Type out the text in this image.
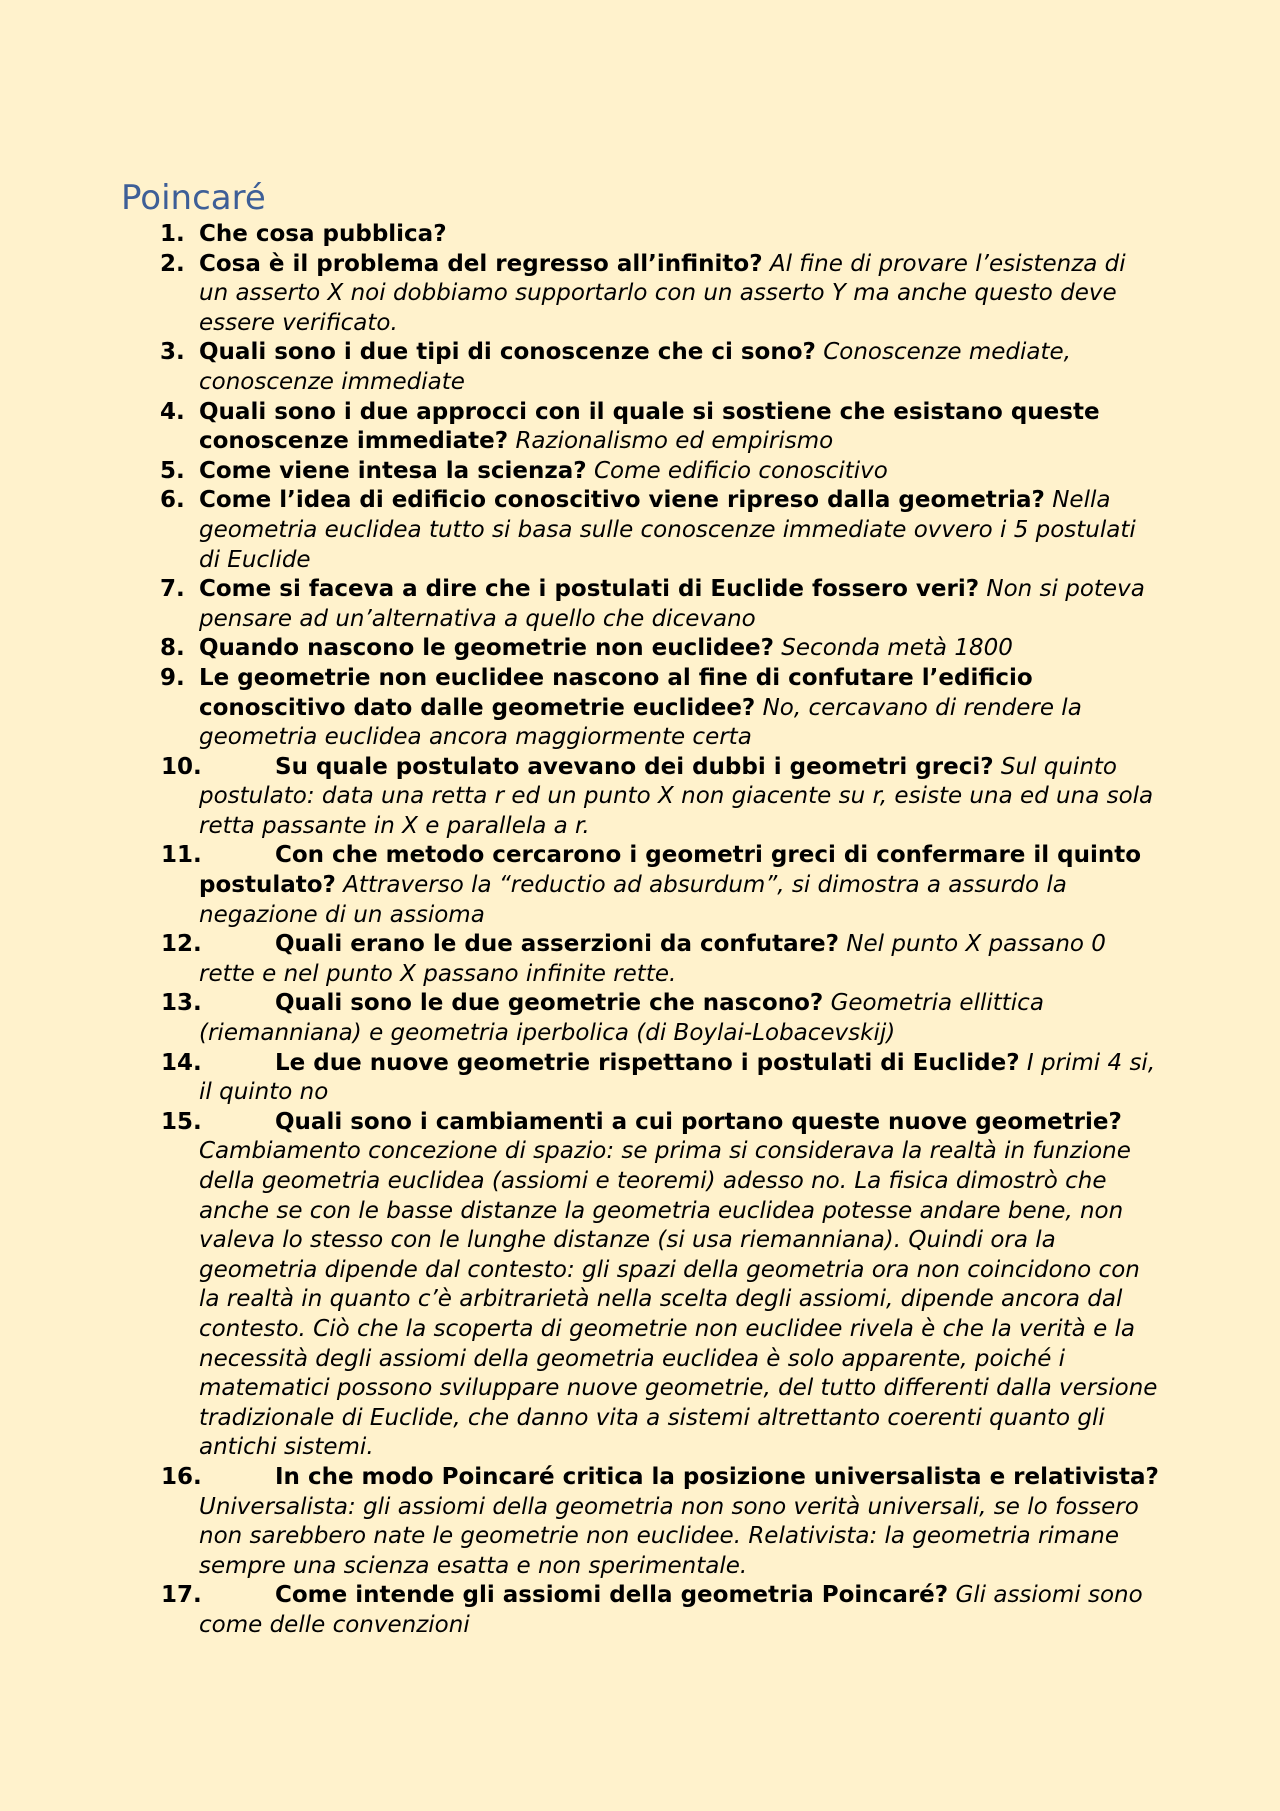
Poincaré
1. Che cosa pubblica?
2. Cosa è il problema del regresso all’infinito? Al fine di provare l’esistenza di un asserto X noi dobbiamo supportarlo con un asserto Y ma anche questo deve essere verificato.
3. Quali sono i due tipi di conoscenze che ci sono? Conoscenze mediate, conoscenze immediate
4. Quali sono i due approcci con il quale si sostiene che esistano queste conoscenze immediate? Razionalismo ed empirismo
5. Come viene intesa la scienza? Come edificio conoscitivo
6. Come l’idea di edificio conoscitivo viene ripreso dalla geometria? Nella geometria euclidea tutto si basa sulle conoscenze immediate ovvero i 5 postulati di Euclide
7. Come si faceva a dire che i postulati di Euclide fossero veri? Non si poteva pensare ad un’alternativa a quello che dicevano
8. Quando nascono le geometrie non euclidee? Seconda metà 1800
9. Le geometrie non euclidee nascono al fine di confutare l’edificio conoscitivo dato dalle geometrie euclidee? No, cercavano di rendere la geometria euclidea ancora maggiormente certa
10.	Su quale postulato avevano dei dubbi i geometri greci? Sul quinto postulato: data una retta r ed un punto X non giacente su r, esiste una ed una sola retta passante in X e parallela a r.
11.	Con che metodo cercarono i geometri greci di confermare il quinto postulato? Attraverso la “reductio ad absurdum”, si dimostra a assurdo la negazione di un assioma
12.	Quali erano le due asserzioni da confutare? Nel punto X passano 0 rette e nel punto X passano infinite rette.
13.	Quali sono le due geometrie che nascono? Geometria ellittica (riemanniana) e geometria iperbolica (di Boylai-Lobacevskij)
14.	Le due nuove geometrie rispettano i postulati di Euclide? I primi 4 si, il quinto no
15.	Quali sono i cambiamenti a cui portano queste nuove geometrie? Cambiamento concezione di spazio: se prima si considerava la realtà in funzione della geometria euclidea (assiomi e teoremi) adesso no. La fisica dimostrò che anche se con le basse distanze la geometria euclidea potesse andare bene, non valeva lo stesso con le lunghe distanze (si usa riemanniana). Quindi ora la geometria dipende dal contesto: gli spazi della geometria ora non coincidono con la realtà in quanto c’è arbitrarietà nella scelta degli assiomi, dipende ancora dal contesto. Ciò che la scoperta di geometrie non euclidee rivela è che la verità e la necessità degli assiomi della geometria euclidea è solo apparente, poiché i matematici possono sviluppare nuove geometrie, del tutto differenti dalla versione tradizionale di Euclide, che danno vita a sistemi altrettanto coerenti quanto gli antichi sistemi.
16.	In che modo Poincaré critica la posizione universalista e relativista? Universalista: gli assiomi della geometria non sono verità universali, se lo fossero non sarebbero nate le geometrie non euclidee. Relativista: la geometria rimane sempre una scienza esatta e non sperimentale.
17.	Come intende gli assiomi della geometria Poincaré? Gli assiomi sono come delle convenzioni
